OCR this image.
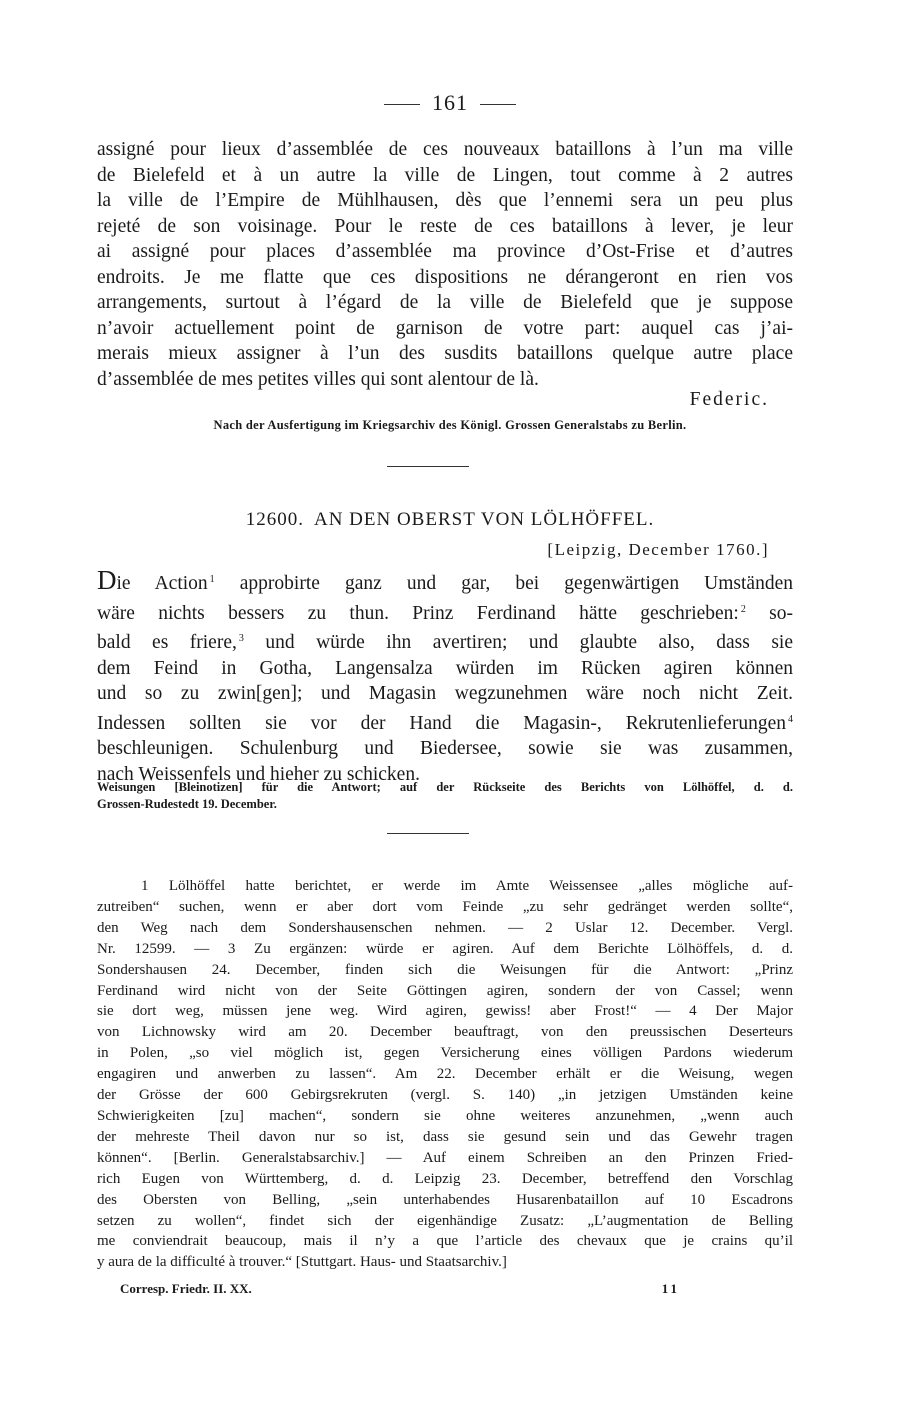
161
assigné pour lieux d’assemblée de ces nouveaux bataillons à l’un ma ville
de Bielefeld et à un autre la ville de Lingen, tout comme à 2 autres
la ville de l’Empire de Mühlhausen, dès que l’ennemi sera un peu plus
rejeté de son voisinage. Pour le reste de ces bataillons à lever, je leur
ai assigné pour places d’assemblée ma province d’Ost-Frise et d’autres
endroits. Je me flatte que ces dispositions ne dérangeront en rien vos
arrangements, surtout à l’égard de la ville de Bielefeld que je suppose
n’avoir actuellement point de garnison de votre part: auquel cas j’ai-
merais mieux assigner à l’un des susdits bataillons quelque autre place
d’assemblée de mes petites villes qui sont alentour de là.
Federic.
Nach der Ausfertigung im Kriegsarchiv des Königl. Grossen Generalstabs zu Berlin.
12600. AN DEN OBERST VON LÖLHÖFFEL.
[Leipzig, December 1760.]
Die Action $^1$ approbirte ganz und gar, bei gegenwärtigen Umständen
wäre nichts bessers zu thun. Prinz Ferdinand hätte geschrieben: $^2$ so-
bald es friere, $^3$ und würde ihn avertiren; und glaubte also, dass sie
dem Feind in Gotha, Langensalza würden im Rücken agiren können
und so zu zwin[gen]; und Magasin wegzunehmen wäre noch nicht Zeit.
Indessen sollten sie vor der Hand die Magasin-, Rekrutenlieferungen $^4$
beschleunigen. Schulenburg und Biedersee, sowie sie was zusammen,
nach Weissenfels und hieher zu schicken.
Weisungen [Bleinotizen] für die Antwort; auf der Rückseite des Berichts von Lölhöffel, d. d.
Grossen-Rudestedt 19. December.
1 Lölhöffel hatte berichtet, er werde im Amte Weissensee „alles mögliche auf-
zutreiben“ suchen, wenn er aber dort vom Feinde „zu sehr gedränget werden sollte“,
den Weg nach dem Sondershausenschen nehmen. — 2 Uslar 12. December. Vergl.
Nr. 12599. — 3 Zu ergänzen: würde er agiren. Auf dem Berichte Lölhöffels, d. d.
Sondershausen 24. December, finden sich die Weisungen für die Antwort: „Prinz
Ferdinand wird nicht von der Seite Göttingen agiren, sondern der von Cassel; wenn
sie dort weg, müssen jene weg. Wird agiren, gewiss! aber Frost!“ — 4 Der Major
von Lichnowsky wird am 20. December beauftragt, von den preussischen Deserteurs
in Polen, „so viel möglich ist, gegen Versicherung eines völligen Pardons wiederum
engagiren und anwerben zu lassen“. Am 22. December erhält er die Weisung, wegen
der Grösse der 600 Gebirgsrekruten (vergl. S. 140) „in jetzigen Umständen keine
Schwierigkeiten [zu] machen“, sondern sie ohne weiteres anzunehmen, „wenn auch
der mehreste Theil davon nur so ist, dass sie gesund sein und das Gewehr tragen
können“. [Berlin. Generalstabsarchiv.] — Auf einem Schreiben an den Prinzen Fried-
rich Eugen von Württemberg, d. d. Leipzig 23. December, betreffend den Vorschlag
des Obersten von Belling, „sein unterhabendes Husarenbataillon auf 10 Escadrons
setzen zu wollen“, findet sich der eigenhändige Zusatz: „L’augmentation de Belling
me conviendrait beaucoup, mais il n’y a que l’article des chevaux que je crains qu’il
y aura de la difficulté à trouver.“ [Stuttgart. Haus- und Staatsarchiv.]
Corresp. Friedr. II. XX.	11
